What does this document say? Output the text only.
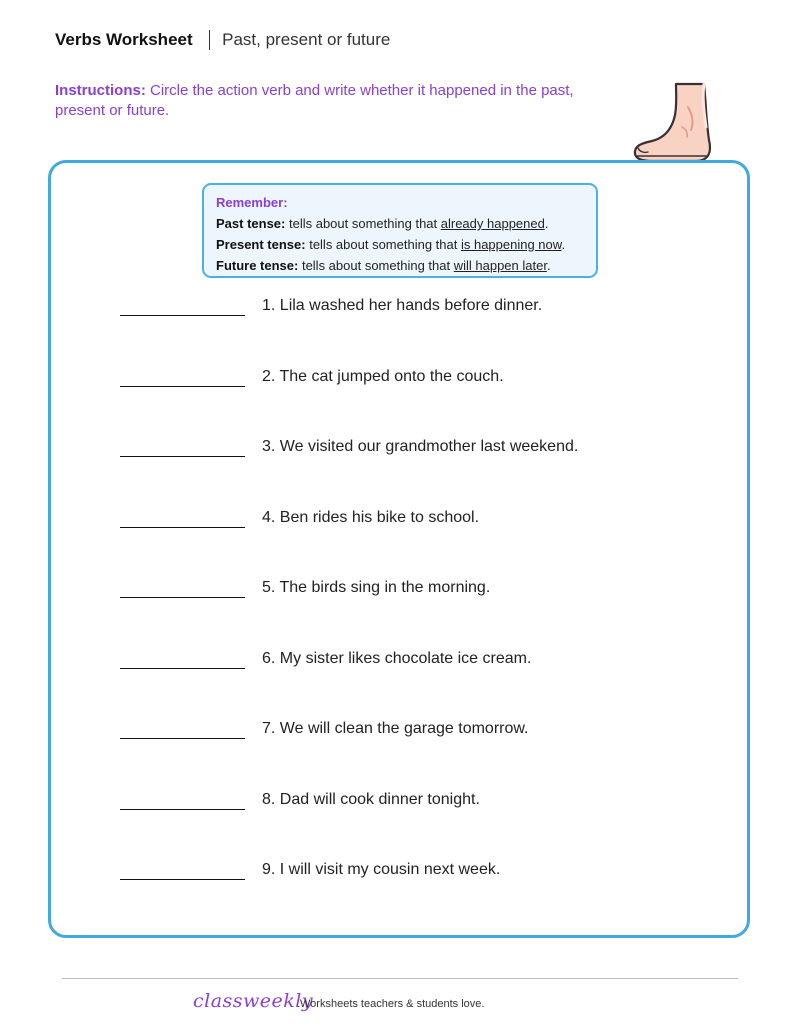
Verbs Worksheet Past, present or future
Instructions: Circle the action verb and write whether it happened in the past, present or future.
Remember:
Past tense: tells about something that already happened.
Present tense: tells about something that is happening now.
Future tense: tells about something that will happen later.
1. Lila washed her hands before dinner.
2. The cat jumped onto the couch.
3. We visited our grandmother last weekend.
4. Ben rides his bike to school.
5. The birds sing in the morning.
6. My sister likes chocolate ice cream.
7. We will clean the garage tomorrow.
8. Dad will cook dinner tonight.
9. I will visit my cousin next week.
classweekly
Worksheets teachers & students love.
